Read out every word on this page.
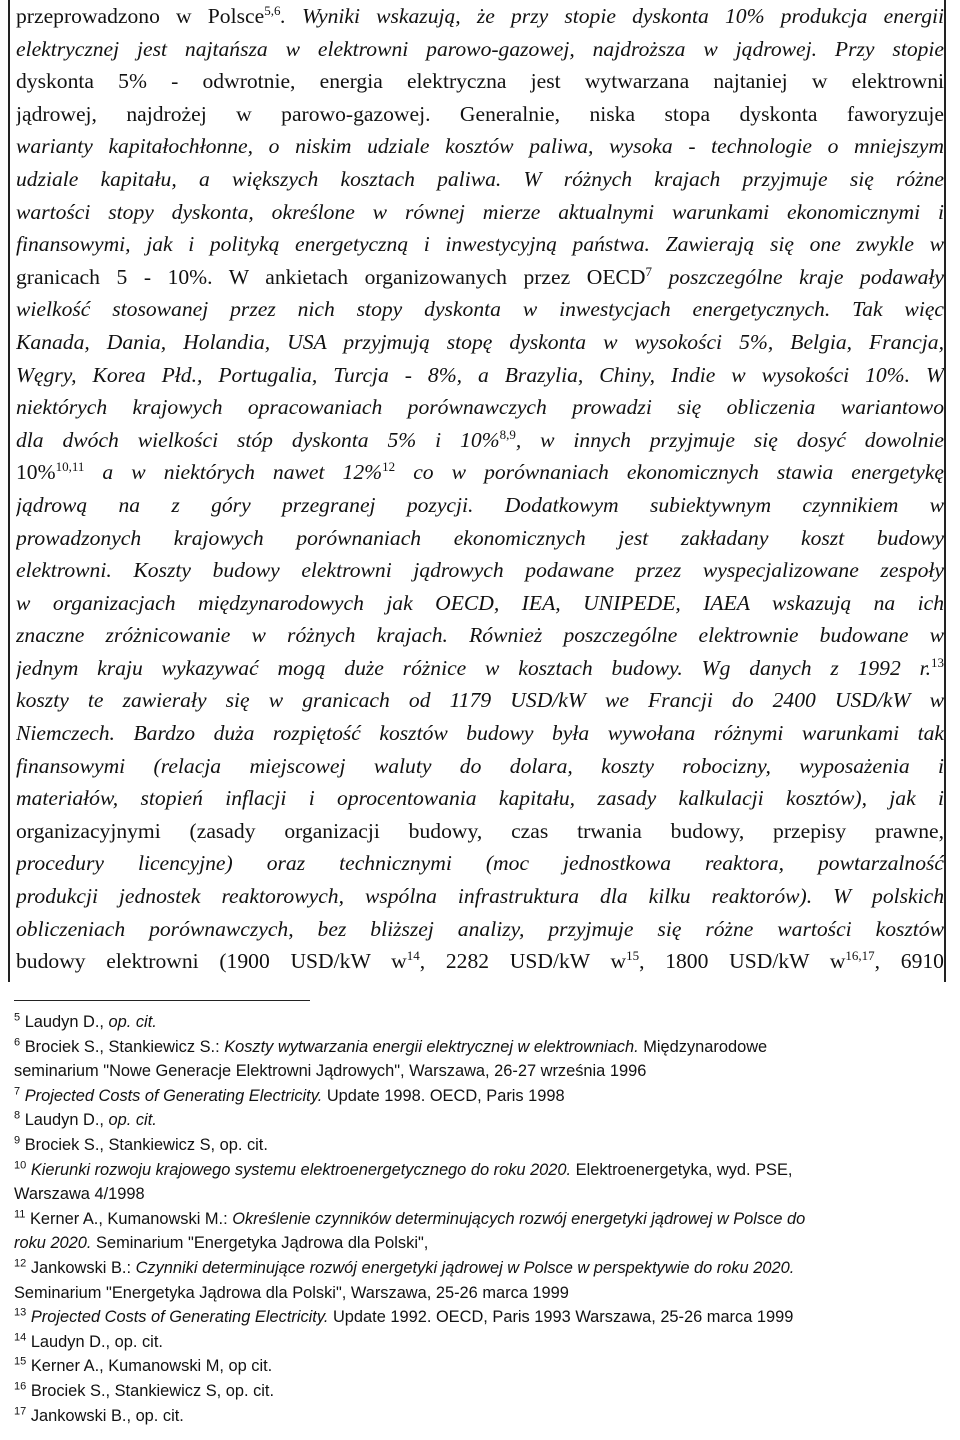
przeprowadzono w Polsce$^{5,6}$. Wyniki wskazują, że przy stopie dyskonta 10% produkcja energii
elektrycznej jest najtańsza w elektrowni parowo-gazowej, najdroższa w jądrowej. Przy stopie
dyskonta 5% - odwrotnie, energia elektryczna jest wytwarzana najtaniej w elektrowni
jądrowej, najdrożej w parowo-gazowej. Generalnie, niska stopa dyskonta faworyzuje
warianty kapitałochłonne, o niskim udziale kosztów paliwa, wysoka - technologie o mniejszym
udziale kapitału, a większych kosztach paliwa. W różnych krajach przyjmuje się różne
wartości stopy dyskonta, określone w równej mierze aktualnymi warunkami ekonomicznymi i
finansowymi, jak i polityką energetyczną i inwestycyjną państwa. Zawierają się one zwykle w
granicach 5 - 10%. W ankietach organizowanych przez OECD$^7$ poszczególne kraje podawały
wielkość stosowanej przez nich stopy dyskonta w inwestycjach energetycznych. Tak więc
Kanada, Dania, Holandia, USA przyjmują stopę dyskonta w wysokości 5%, Belgia, Francja,
Węgry, Korea Płd., Portugalia, Turcja - 8%, a Brazylia, Chiny, Indie w wysokości 10%. W
niektórych krajowych opracowaniach porównawczych prowadzi się obliczenia wariantowo
dla dwóch wielkości stóp dyskonta 5% i 10%$^{8,9}$, w innych przyjmuje się dosyć dowolnie
10%$^{10,11}$ a w niektórych nawet 12%$^{12}$ co w porównaniach ekonomicznych stawia energetykę
jądrową na z góry przegranej pozycji. Dodatkowym subiektywnym czynnikiem w
prowadzonych krajowych porównaniach ekonomicznych jest zakładany koszt budowy
elektrowni. Koszty budowy elektrowni jądrowych podawane przez wyspecjalizowane zespoły
w organizacjach międzynarodowych jak OECD, IEA, UNIPEDE, IAEA wskazują na ich
znaczne zróżnicowanie w różnych krajach. Również poszczególne elektrownie budowane w
jednym kraju wykazywać mogą duże różnice w kosztach budowy. Wg danych z 1992 r.$^{13}$
koszty te zawierały się w granicach od 1179 USD/kW we Francji do 2400 USD/kW w
Niemczech. Bardzo duża rozpiętość kosztów budowy była wywołana różnymi warunkami tak
finansowymi (relacja miejscowej waluty do dolara, koszty robocizny, wyposażenia i
materiałów, stopień inflacji i oprocentowania kapitału, zasady kalkulacji kosztów), jak i
organizacyjnymi (zasady organizacji budowy, czas trwania budowy, przepisy prawne,
procedury licencyjne) oraz technicznymi (moc jednostkowa reaktora, powtarzalność
produkcji jednostek reaktorowych, wspólna infrastruktura dla kilku reaktorów). W polskich
obliczeniach porównawczych, bez bliższej analizy, przyjmuje się różne wartości kosztów
budowy elektrowni (1900 USD/kW $w^{14}$, 2282 USD/kW $w^{15}$, 1800 USD/kW $w^{16,17}$, 6910
$^5$ Laudyn D., op. cit.
$^6$ Brociek S., Stankiewicz S.: Koszty wytwarzania energii elektrycznej w elektrowniach. Międzynarodowe
seminarium "Nowe Generacje Elektrowni Jądrowych", Warszawa, 26-27 września 1996
$^7$ Projected Costs of Generating Electricity. Update 1998. OECD, Paris 1998
$^8$ Laudyn D., op. cit.
$^9$ Brociek S., Stankiewicz S, op. cit.
$^{10}$ Kierunki rozwoju krajowego systemu elektroenergetycznego do roku 2020. Elektroenergetyka, wyd. PSE,
Warszawa 4/1998
$^{11}$ Kerner A., Kumanowski M.: Określenie czynników determinujących rozwój energetyki jądrowej w Polsce do
roku 2020. Seminarium "Energetyka Jądrowa dla Polski",
$^{12}$ Jankowski B.: Czynniki determinujące rozwój energetyki jądrowej w Polsce w perspektywie do roku 2020.
Seminarium "Energetyka Jądrowa dla Polski", Warszawa, 25-26 marca 1999
$^{13}$ Projected Costs of Generating Electricity. Update 1992. OECD, Paris 1993 Warszawa, 25-26 marca 1999
$^{14}$ Laudyn D., op. cit.
$^{15}$ Kerner A., Kumanowski M, op cit.
$^{16}$ Brociek S., Stankiewicz S, op. cit.
$^{17}$ Jankowski B., op. cit.
